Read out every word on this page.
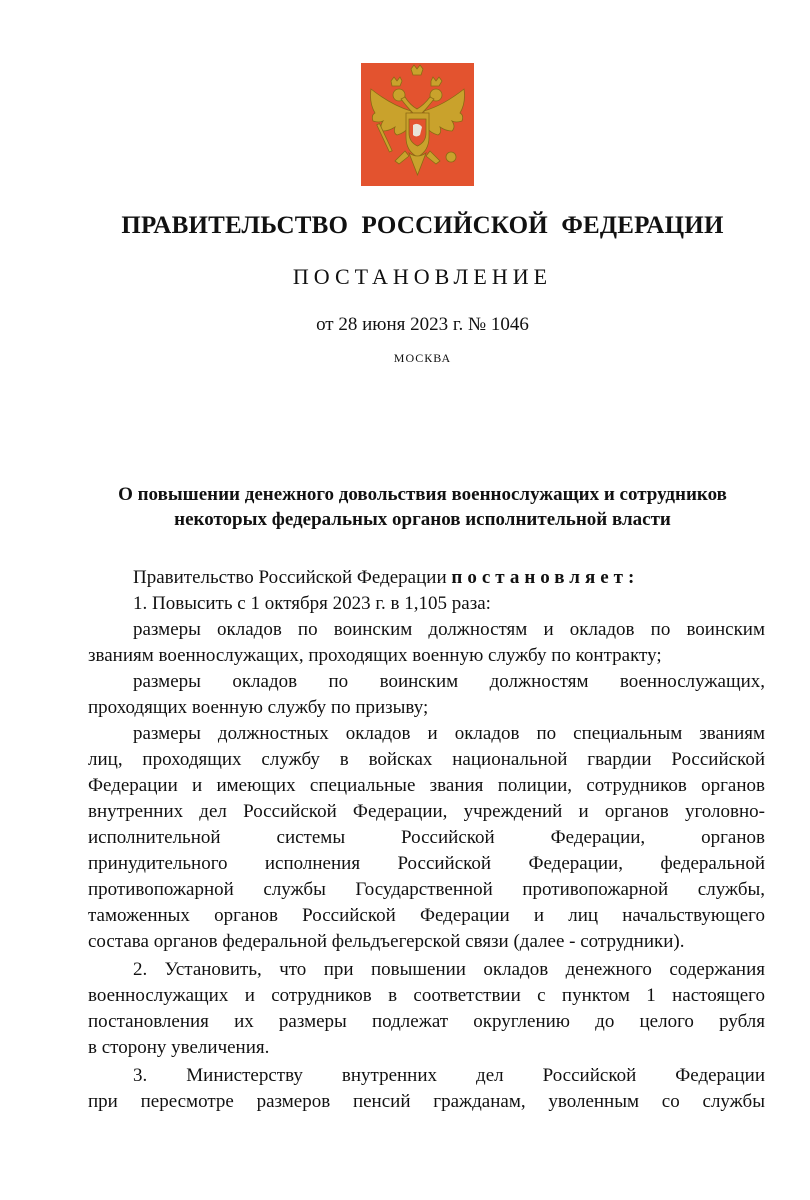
ПРАВИТЕЛЬСТВО РОССИЙСКОЙ ФЕДЕРАЦИИ
ПОСТАНОВЛЕНИЕ
от 28 июня 2023 г. № 1046
МОСКВА
О повышении денежного довольствия военнослужащих и сотрудников
некоторых федеральных органов исполнительной власти
Правительство Российской Федерации постановляет:
1. Повысить с 1 октября 2023 г. в 1,105 раза:
размеры окладов по воинским должностям и окладов по воинским
званиям военнослужащих, проходящих военную службу по контракту;
размеры окладов по воинским должностям военнослужащих,
проходящих военную службу по призыву;
размеры должностных окладов и окладов по специальным званиям
лиц, проходящих службу в войсках национальной гвардии Российской
Федерации и имеющих специальные звания полиции, сотрудников органов
внутренних дел Российской Федерации, учреждений и органов уголовно-
исполнительной системы Российской Федерации, органов
принудительного исполнения Российской Федерации, федеральной
противопожарной службы Государственной противопожарной службы,
таможенных органов Российской Федерации и лиц начальствующего
состава органов федеральной фельдъегерской связи (далее - сотрудники).
2. Установить, что при повышении окладов денежного содержания
военнослужащих и сотрудников в соответствии с пунктом 1 настоящего
постановления их размеры подлежат округлению до целого рубля
в сторону увеличения.
3. Министерству внутренних дел Российской Федерации
при пересмотре размеров пенсий гражданам, уволенным со службы
